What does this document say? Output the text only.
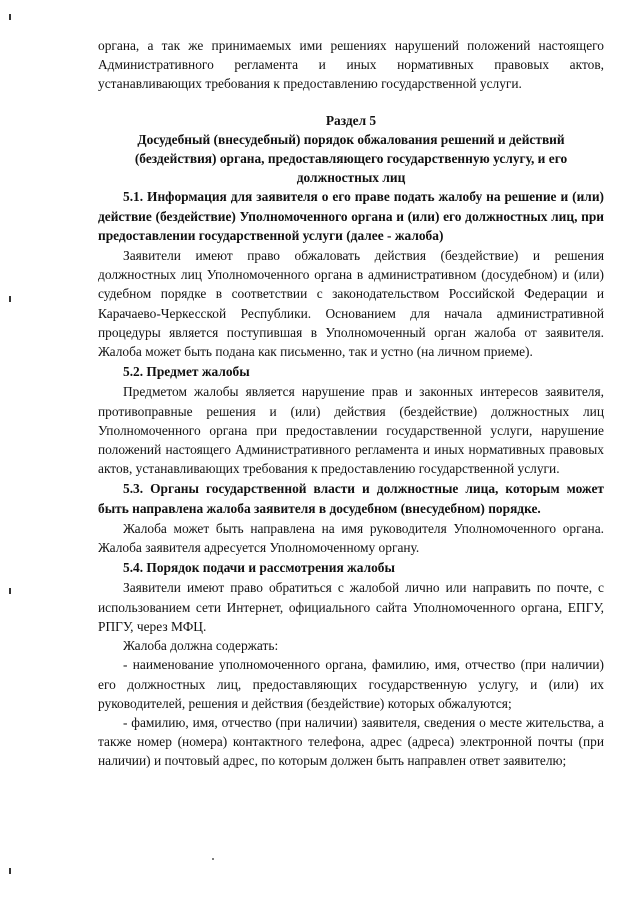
органа, а так же принимаемых ими решениях нарушений положений настоящего Административного регламента и иных нормативных правовых актов, устанавливающих требования к предоставлению государственной услуги.

Раздел 5

Досудебный (внесудебный) порядок обжалования решений и действий (бездействия) органа, предоставляющего государственную услугу, и его должностных лиц

5.1. Информация для заявителя о его праве подать жалобу на решение и (или) действие (бездействие) Уполномоченного органа и (или) его должностных лиц, при предоставлении государственной услуги (далее - жалоба)

Заявители имеют право обжаловать действия (бездействие) и решения должностных лиц Уполномоченного органа в административном (досудебном) и (или) судебном порядке в соответствии с законодательством Российской Федерации и Карачаево-Черкесской Республики. Основанием для начала административной процедуры является поступившая в Уполномоченный орган жалоба от заявителя. Жалоба может быть подана как письменно, так и устно (на личном приеме).

5.2. Предмет жалобы

Предметом жалобы является нарушение прав и законных интересов заявителя, противоправные решения и (или) действия (бездействие) должностных лиц Уполномоченного органа при предоставлении государственной услуги, нарушение положений настоящего Административного регламента и иных нормативных правовых актов, устанавливающих требования к предоставлению государственной услуги.

5.3. Органы государственной власти и должностные лица, которым может быть направлена жалоба заявителя в досудебном (внесудебном) порядке.

Жалоба может быть направлена на имя руководителя Уполномоченного органа. Жалоба заявителя адресуется Уполномоченному органу.

5.4. Порядок подачи и рассмотрения жалобы

Заявители имеют право обратиться с жалобой лично или направить по почте, с использованием сети Интернет, официального сайта Уполномоченного органа, ЕПГУ, РПГУ, через МФЦ.

Жалоба должна содержать:

- наименование уполномоченного органа, фамилию, имя, отчество (при наличии) его должностных лиц, предоставляющих государственную услугу, и (или) их руководителей, решения и действия (бездействие) которых обжалуются;

- фамилию, имя, отчество (при наличии) заявителя, сведения о месте жительства, а также номер (номера) контактного телефона, адрес (адреса) электронной почты (при наличии) и почтовый адрес, по которым должен быть направлен ответ заявителю;
